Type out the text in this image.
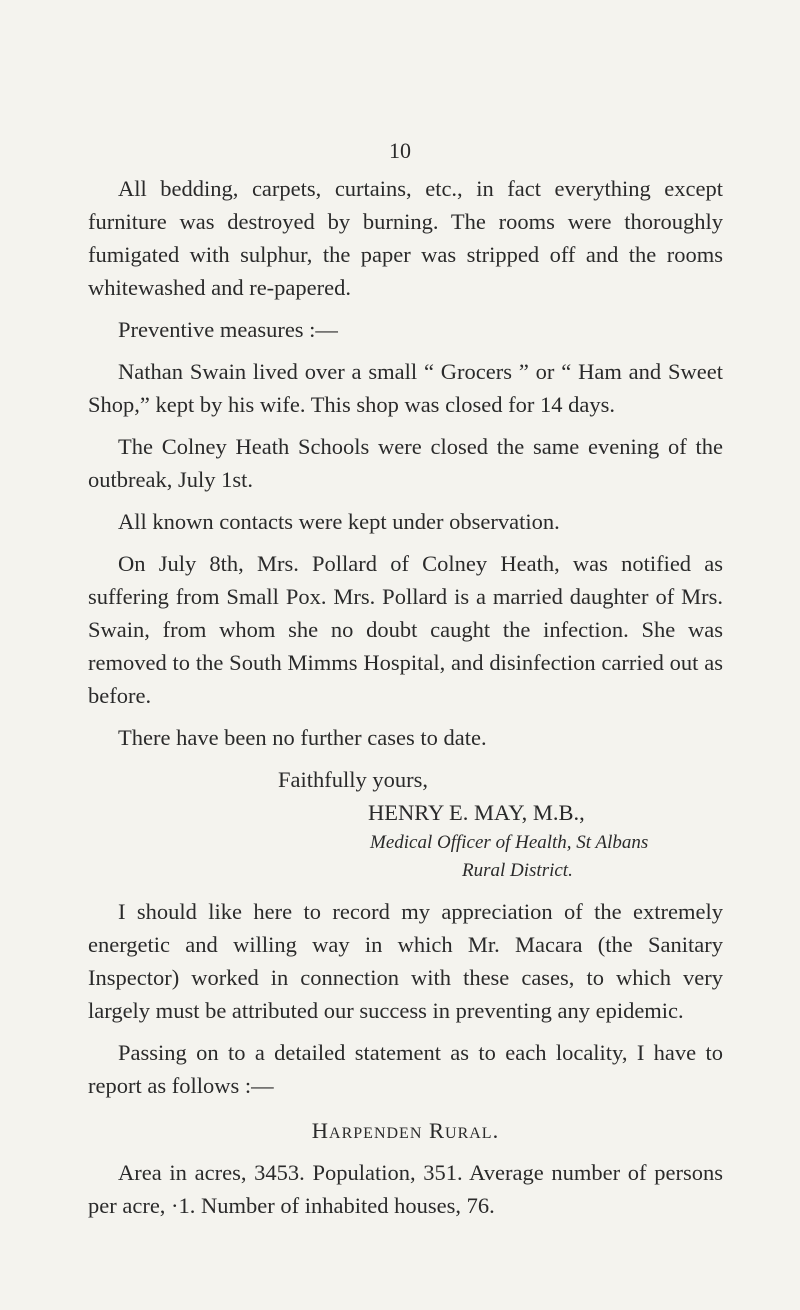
10

All bedding, carpets, curtains, etc., in fact everything except furniture was destroyed by burning. The rooms were thoroughly fumigated with sulphur, the paper was stripped off and the rooms whitewashed and re-papered.

Preventive measures :—

Nathan Swain lived over a small “ Grocers ” or “ Ham and Sweet Shop,” kept by his wife. This shop was closed for 14 days.

The Colney Heath Schools were closed the same evening of the outbreak, July 1st.

All known contacts were kept under observation.

On July 8th, Mrs. Pollard of Colney Heath, was notified as suffering from Small Pox. Mrs. Pollard is a married daughter of Mrs. Swain, from whom she no doubt caught the infection. She was removed to the South Mimms Hospital, and disinfection carried out as before.

There have been no further cases to date.

Faithfully yours,
HENRY E. MAY, M.B.,
Medical Officer of Health, St Albans
Rural District.

I should like here to record my appreciation of the extremely energetic and willing way in which Mr. Macara (the Sanitary Inspector) worked in connection with these cases, to which very largely must be attributed our success in preventing any epidemic.

Passing on to a detailed statement as to each locality, I have to report as follows :—

Harpenden Rural.

Area in acres, 3453. Population, 351. Average number of persons per acre, ·1. Number of inhabited houses, 76.
